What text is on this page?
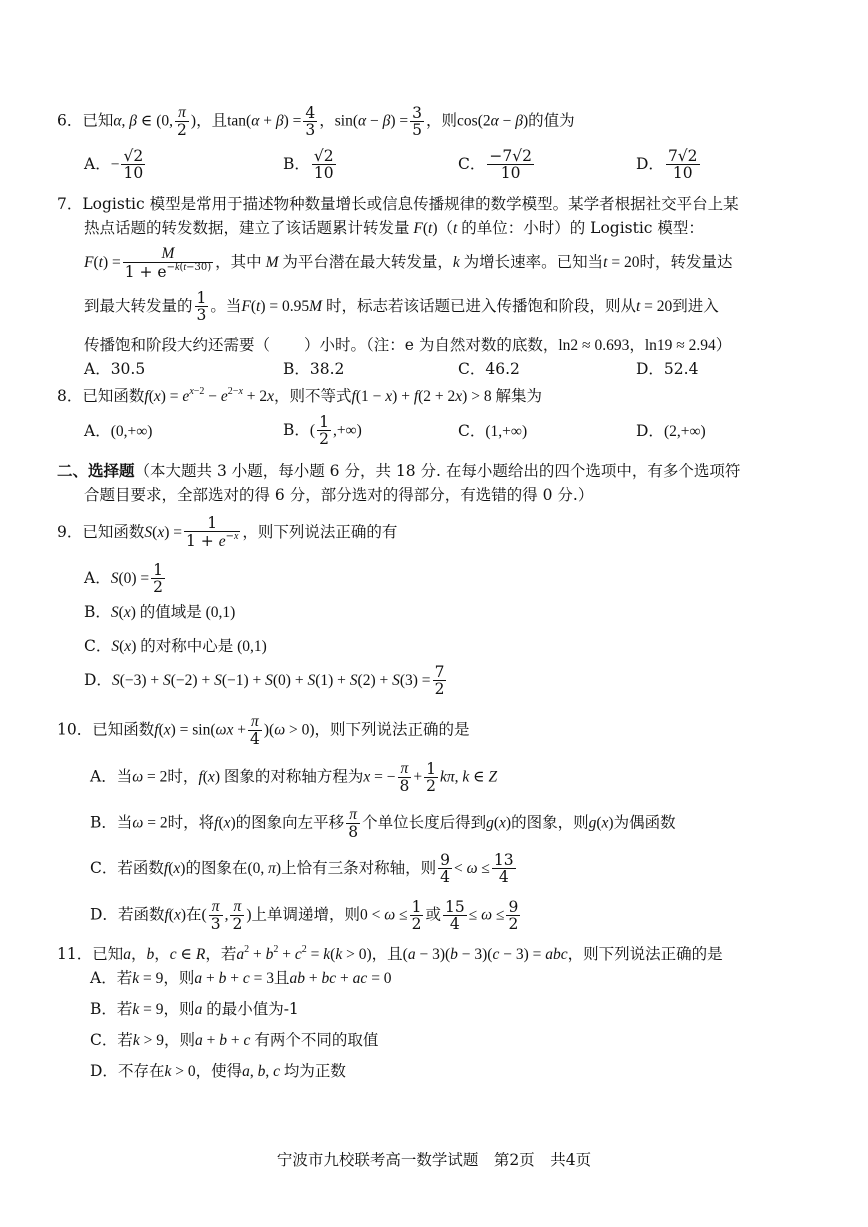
6．已知α, β ∈ (0, $\frac{\pi}{2}$ )，且$\tan(\alpha + \beta) = \frac{4}{3}$ ，$\sin(\alpha - \beta) = \frac{3}{5}$ ，则cos(2α − β)的值为
A．− $\frac{√2}{10}$	B． $\frac{√2}{10}$	C． $\frac{-7√2}{10}$	D． $\frac{7√2}{10}$
7．Logistic 模型是常用于描述物种数量增长或信息传播规律的数学模型。某学者根据社交平台上某
热点话题的转发数据，建立了该话题累计转发量 F(t)（t 的单位：小时）的 Logistic 模型：
$F(t) = \frac{M}{1 + e^{-k(t-30)}}$ ，其中 M 为平台潜在最大转发量，k 为增长速率。已知当t = 20时，转发量达
到最大转发量的 $\frac{1}{3}$ 。当F(t) = 0.95M 时，标志若该话题已进入传播饱和阶段，则从t = 20到进入
传播饱和阶段大约还需要（ ）小时。（注：e 为自然对数的底数，ln2 ≈ 0.693，ln19 ≈ 2.94）
A．30.5	B．38.2	C．46.2	D．52.4
8．已知函数$f(x) = e^{x-2} - e^{2-x} + 2x$，则不等式f(1 − x) + f(2 + 2x) > 8 解集为
A．(0,+∞)	B．( $\frac{1}{2}$ ,+∞)	C．(1,+∞)	D．(2,+∞)
二、选择题（本大题共 3 小题，每小题 6 分，共 18 分. 在每小题给出的四个选项中，有多个选项符
合题目要求，全部选对的得 6 分，部分选对的得部分，有选错的得 0 分.）
9．已知函数$S(x) = \frac{1}{1 + e^{-x}}$ ，则下列说法正确的有
A．$S(0) = \frac{1}{2}$
B．S(x) 的值域是 (0,1)
C．S(x) 的对称中心是 (0,1)
D．$S(-3) + S(-2) + S(-1) + S(0) + S(1) + S(2) + S(3) = \frac{7}{2}$
10．已知函数$f(x) = \sin(\omega x + \frac{\pi}{4} )(\omega > 0)$，则下列说法正确的是
A．当ω = 2时，f(x) 图象的对称轴方程为x = − $\frac{\pi}{8} + \frac{1}{2} k\pi$, k ∈ Z
B．当ω = 2时，将f(x)的图象向左平移 $\frac{\pi}{8}$ 个单位长度后得到g(x)的图象，则g(x)为偶函数
C．若函数f(x)的图象在(0, π)上恰有三条对称轴，则 $\frac{9}{4} < \omega \le \frac{13}{4}$
D．若函数f(x)在( $\frac{\pi}{3}$ , $\frac{\pi}{2}$ )上单调递增，则$0 < \omega \le \frac{1}{2}$ 或 $\frac{15}{4} \le \omega \le \frac{9}{2}$
11．已知a，b，c ∈ R，若$a^2 + b^2 + c^2 = k(k > 0)$，且(a − 3)(b − 3)(c − 3) = abc，则下列说法正确的是
A．若k = 9，则a + b + c = 3且ab + bc + ac = 0
B．若k = 9，则a 的最小值为-1
C．若k > 9，则a + b + c 有两个不同的取值
D．不存在k > 0，使得a, b, c 均为正数
宁波市九校联考高一数学试题　第2页　共4页
